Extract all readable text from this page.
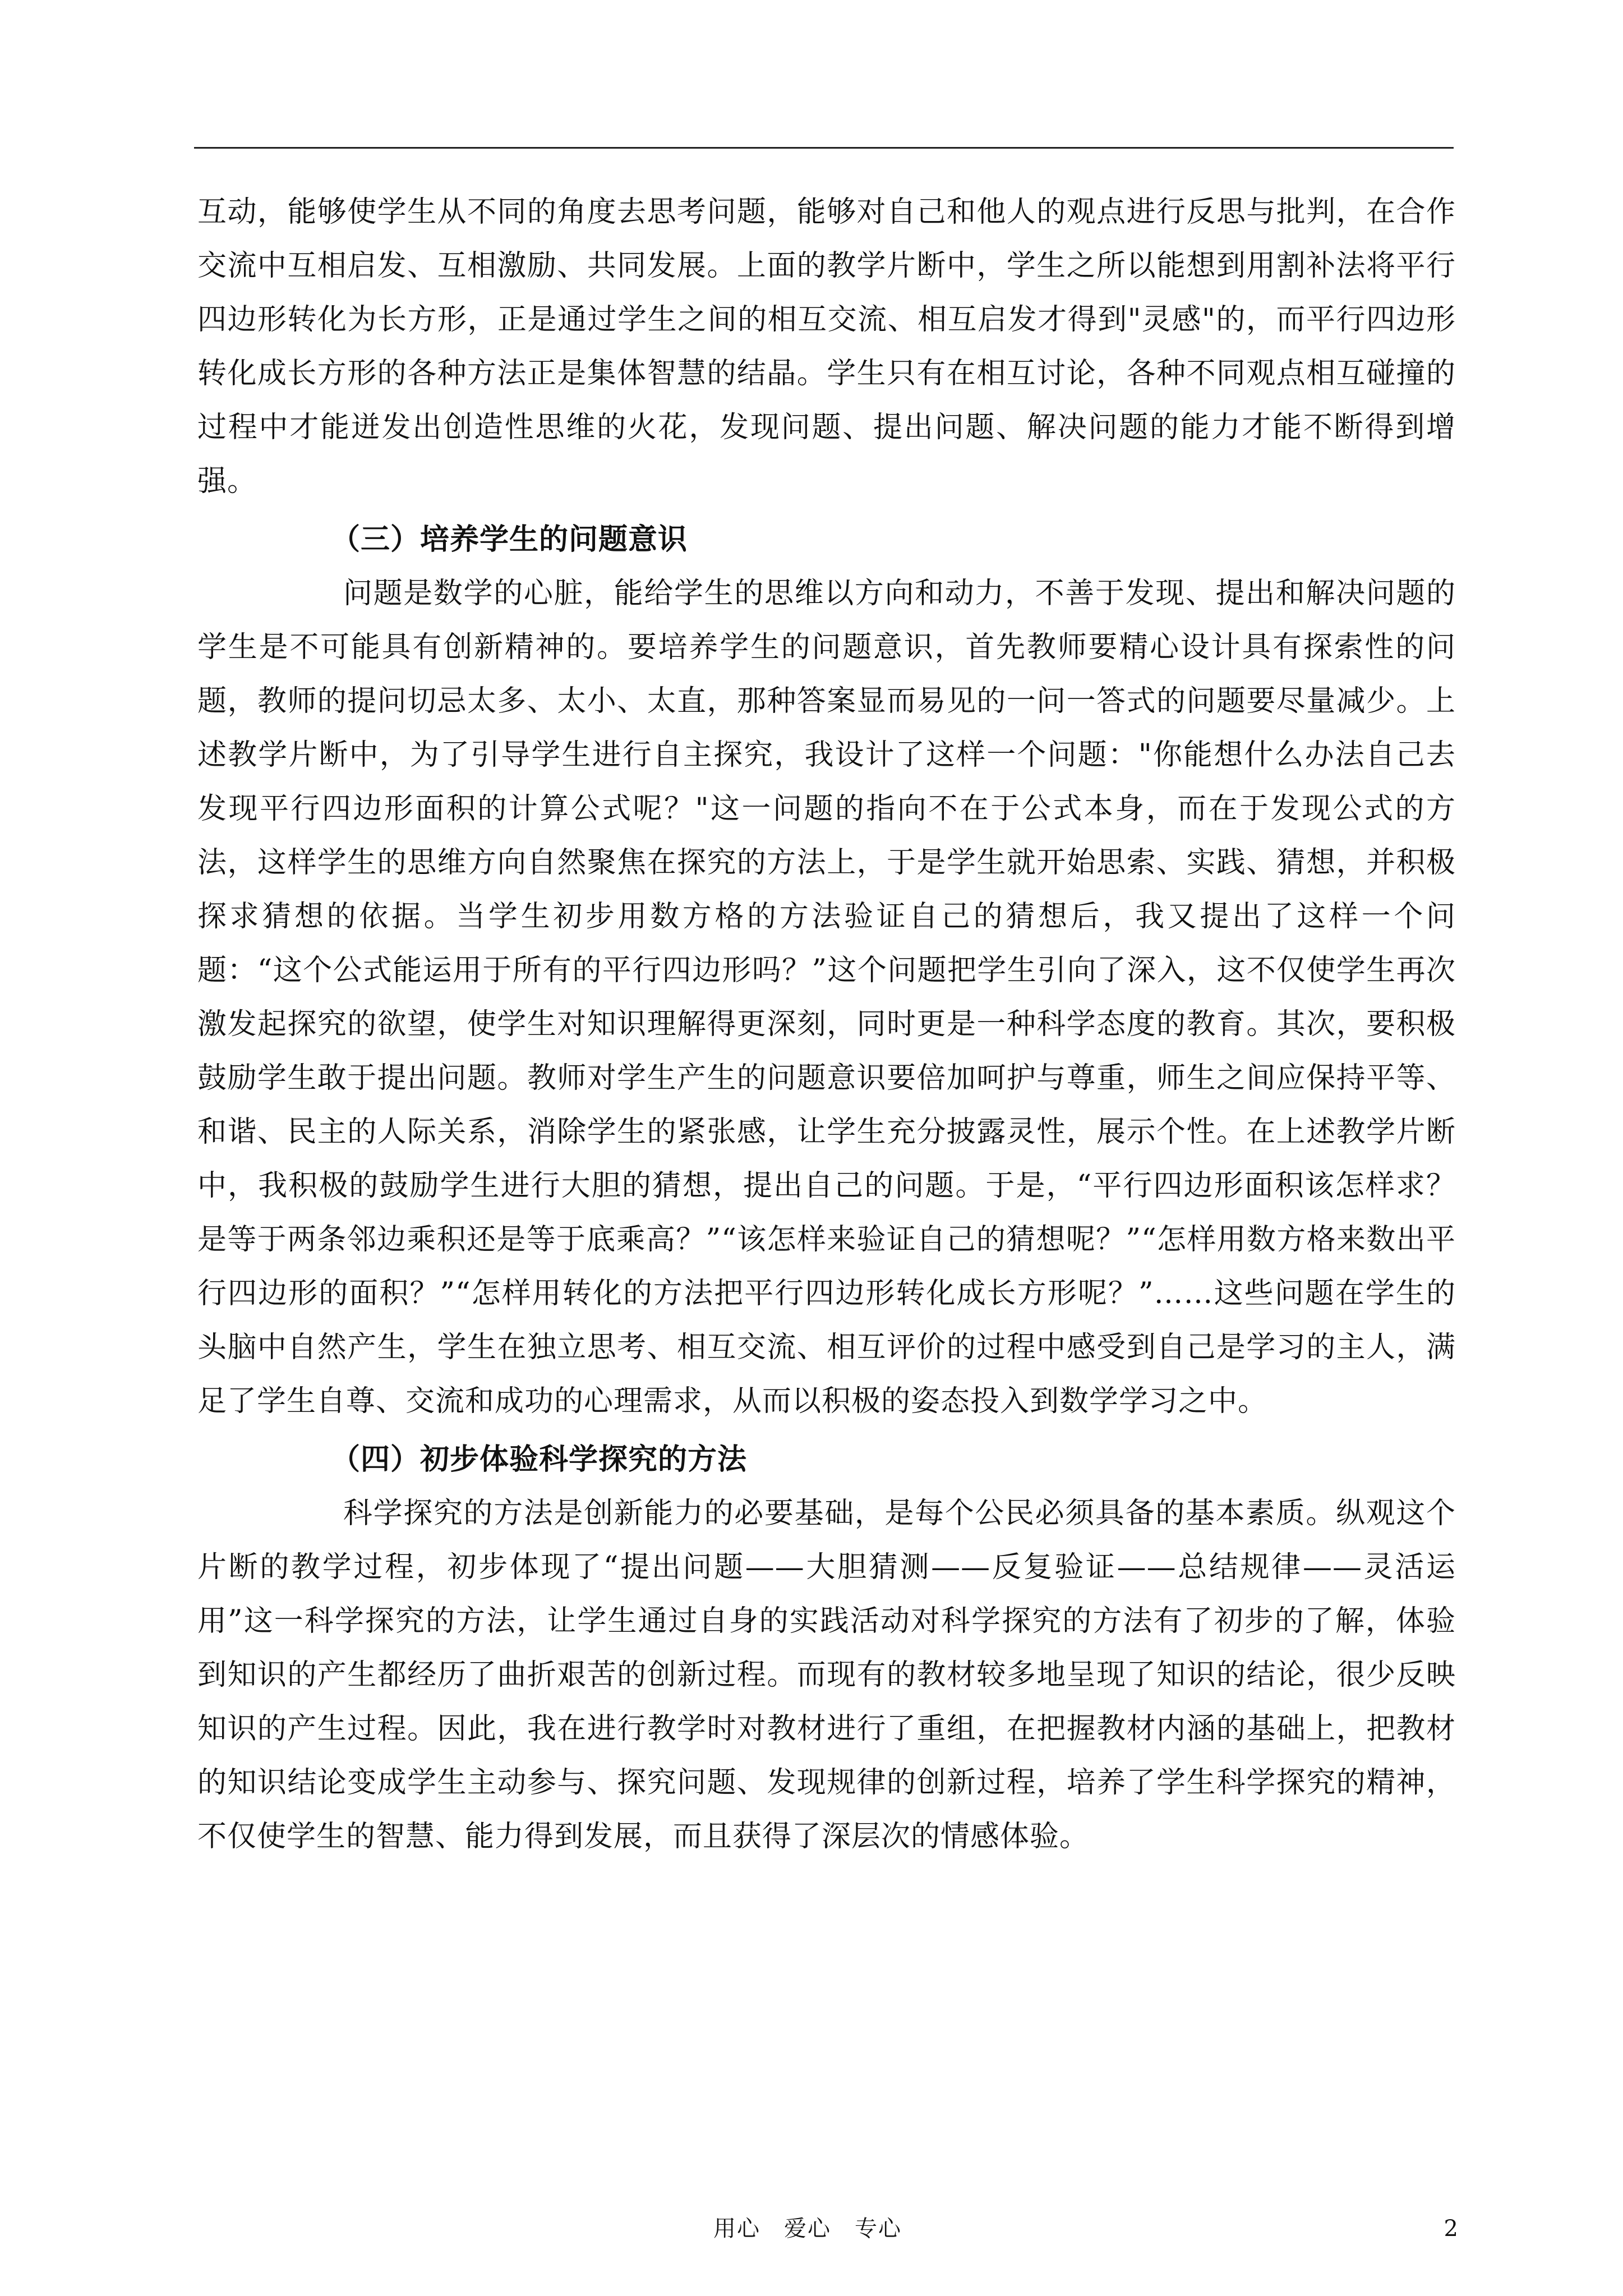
互动，能够使学生从不同的角度去思考问题，能够对自己和他人的观点进行反思与批判，在合作交流中互相启发、互相激励、共同发展。上面的教学片断中，学生之所以能想到用割补法将平行四边形转化为长方形，正是通过学生之间的相互交流、相互启发才得到"灵感"的，而平行四边形转化成长方形的各种方法正是集体智慧的结晶。学生只有在相互讨论，各种不同观点相互碰撞的过程中才能迸发出创造性思维的火花，发现问题、提出问题、解决问题的能力才能不断得到增强。

（三）培养学生的问题意识

问题是数学的心脏，能给学生的思维以方向和动力，不善于发现、提出和解决问题的学生是不可能具有创新精神的。要培养学生的问题意识，首先教师要精心设计具有探索性的问题，教师的提问切忌太多、太小、太直，那种答案显而易见的一问一答式的问题要尽量减少。上述教学片断中，为了引导学生进行自主探究，我设计了这样一个问题："你能想什么办法自己去发现平行四边形面积的计算公式呢？"这一问题的指向不在于公式本身，而在于发现公式的方法，这样学生的思维方向自然聚焦在探究的方法上，于是学生就开始思索、实践、猜想，并积极探求猜想的依据。当学生初步用数方格的方法验证自己的猜想后，我又提出了这样一个问题：“这个公式能运用于所有的平行四边形吗？”这个问题把学生引向了深入，这不仅使学生再次激发起探究的欲望，使学生对知识理解得更深刻，同时更是一种科学态度的教育。其次，要积极鼓励学生敢于提出问题。教师对学生产生的问题意识要倍加呵护与尊重，师生之间应保持平等、和谐、民主的人际关系，消除学生的紧张感，让学生充分披露灵性，展示个性。在上述教学片断中，我积极的鼓励学生进行大胆的猜想，提出自己的问题。于是，“平行四边形面积该怎样求？是等于两条邻边乘积还是等于底乘高？”“该怎样来验证自己的猜想呢？”“怎样用数方格来数出平行四边形的面积？”“怎样用转化的方法把平行四边形转化成长方形呢？”……这些问题在学生的头脑中自然产生，学生在独立思考、相互交流、相互评价的过程中感受到自己是学习的主人，满足了学生自尊、交流和成功的心理需求，从而以积极的姿态投入到数学学习之中。

（四）初步体验科学探究的方法

科学探究的方法是创新能力的必要基础，是每个公民必须具备的基本素质。纵观这个片断的教学过程，初步体现了“提出问题——大胆猜测——反复验证——总结规律——灵活运用”这一科学探究的方法，让学生通过自身的实践活动对科学探究的方法有了初步的了解，体验到知识的产生都经历了曲折艰苦的创新过程。而现有的教材较多地呈现了知识的结论，很少反映知识的产生过程。因此，我在进行教学时对教材进行了重组，在把握教材内涵的基础上，把教材的知识结论变成学生主动参与、探究问题、发现规律的创新过程，培养了学生科学探究的精神，不仅使学生的智慧、能力得到发展，而且获得了深层次的情感体验。

用心　爱心　专心	2
